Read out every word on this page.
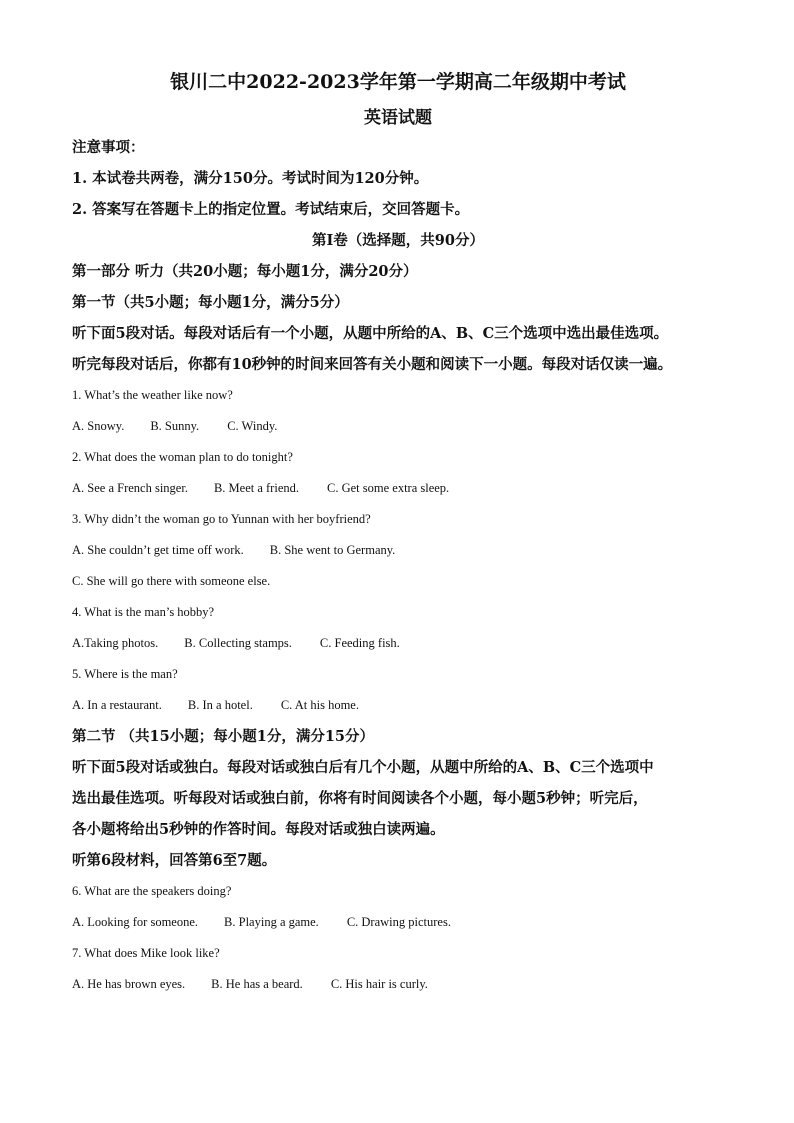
银川二中2022-2023学年第一学期高二年级期中考试
英语试题
注意事项：
1. 本试卷共两卷，满分150分。考试时间为120分钟。
2. 答案写在答题卡上的指定位置。考试结束后，交回答题卡。
第Ⅰ卷（选择题，共90分）
第一部分 听力（共20小题；每小题1分，满分20分）
第一节（共5小题；每小题1分，满分5分）
听下面5段对话。每段对话后有一个小题，从题中所给的A、B、C三个选项中选出最佳选项。
听完每段对话后，你都有10秒钟的时间来回答有关小题和阅读下一小题。每段对话仅读一遍。
1. What’s the weather like now?
A. Snowy. B. Sunny. C. Windy.
2. What does the woman plan to do tonight?
A. See a French singer. B. Meet a friend. C. Get some extra sleep.
3. Why didn’t the woman go to Yunnan with her boyfriend?
A. She couldn’t get time off work. B. She went to Germany.
C. She will go there with someone else.
4. What is the man’s hobby?
A.Taking photos. B. Collecting stamps. C. Feeding fish.
5. Where is the man?
A. In a restaurant. B. In a hotel. C. At his home.
第二节 （共15小题；每小题1分，满分15分）
听下面5段对话或独白。每段对话或独白后有几个小题，从题中所给的A、B、C三个选项中
选出最佳选项。听每段对话或独白前，你将有时间阅读各个小题，每小题5秒钟；听完后，
各小题将给出5秒钟的作答时间。每段对话或独白读两遍。
听第6段材料，回答第6至7题。
6. What are the speakers doing?
A. Looking for someone. B. Playing a game. C. Drawing pictures.
7. What does Mike look like?
A. He has brown eyes. B. He has a beard. C. His hair is curly.
